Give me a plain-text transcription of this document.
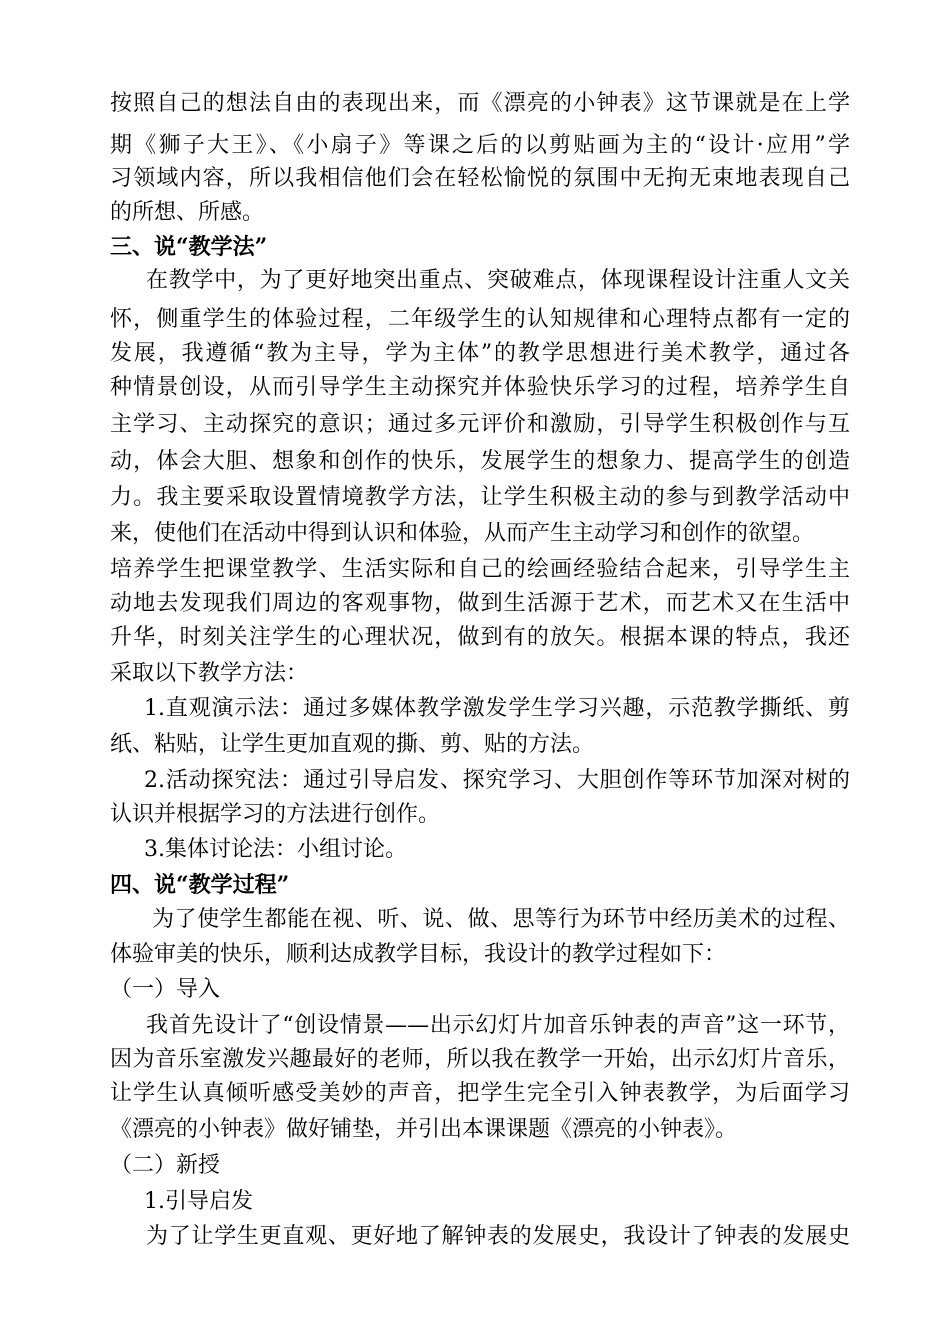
按照自己的想法自由的表现出来，而《漂亮的小钟表》这节课就是在上学
期《狮子大王》、《小扇子》等课之后的以剪贴画为主的“设计·应用”学
习领域内容，所以我相信他们会在轻松愉悦的氛围中无拘无束地表现自己
的所想、所感。
三、说“教学法”
在教学中，为了更好地突出重点、突破难点，体现课程设计注重人文关
怀，侧重学生的体验过程，二年级学生的认知规律和心理特点都有一定的
发展，我遵循“教为主导，学为主体”的教学思想进行美术教学，通过各
种情景创设，从而引导学生主动探究并体验快乐学习的过程，培养学生自
主学习、主动探究的意识；通过多元评价和激励，引导学生积极创作与互
动，体会大胆、想象和创作的快乐，发展学生的想象力、提高学生的创造
力。我主要采取设置情境教学方法，让学生积极主动的参与到教学活动中
来，使他们在活动中得到认识和体验，从而产生主动学习和创作的欲望。
培养学生把课堂教学、生活实际和自己的绘画经验结合起来，引导学生主
动地去发现我们周边的客观事物，做到生活源于艺术，而艺术又在生活中
升华，时刻关注学生的心理状况，做到有的放矢。根据本课的特点，我还
采取以下教学方法：
1.直观演示法：通过多媒体教学激发学生学习兴趣，示范教学撕纸、剪
纸、粘贴，让学生更加直观的撕、剪、贴的方法。
2.活动探究法：通过引导启发、探究学习、大胆创作等环节加深对树的
认识并根据学习的方法进行创作。
3.集体讨论法：小组讨论。
四、说“教学过程”
为了使学生都能在视、听、说、做、思等行为环节中经历美术的过程、
体验审美的快乐，顺利达成教学目标，我设计的教学过程如下：
（一）导入
我首先设计了“创设情景——出示幻灯片加音乐钟表的声音”这一环节，
因为音乐室激发兴趣最好的老师，所以我在教学一开始，出示幻灯片音乐，
让学生认真倾听感受美妙的声音，把学生完全引入钟表教学，为后面学习
《漂亮的小钟表》做好铺垫，并引出本课课题《漂亮的小钟表》。
（二）新授
1.引导启发
为了让学生更直观、更好地了解钟表的发展史，我设计了钟表的发展史
